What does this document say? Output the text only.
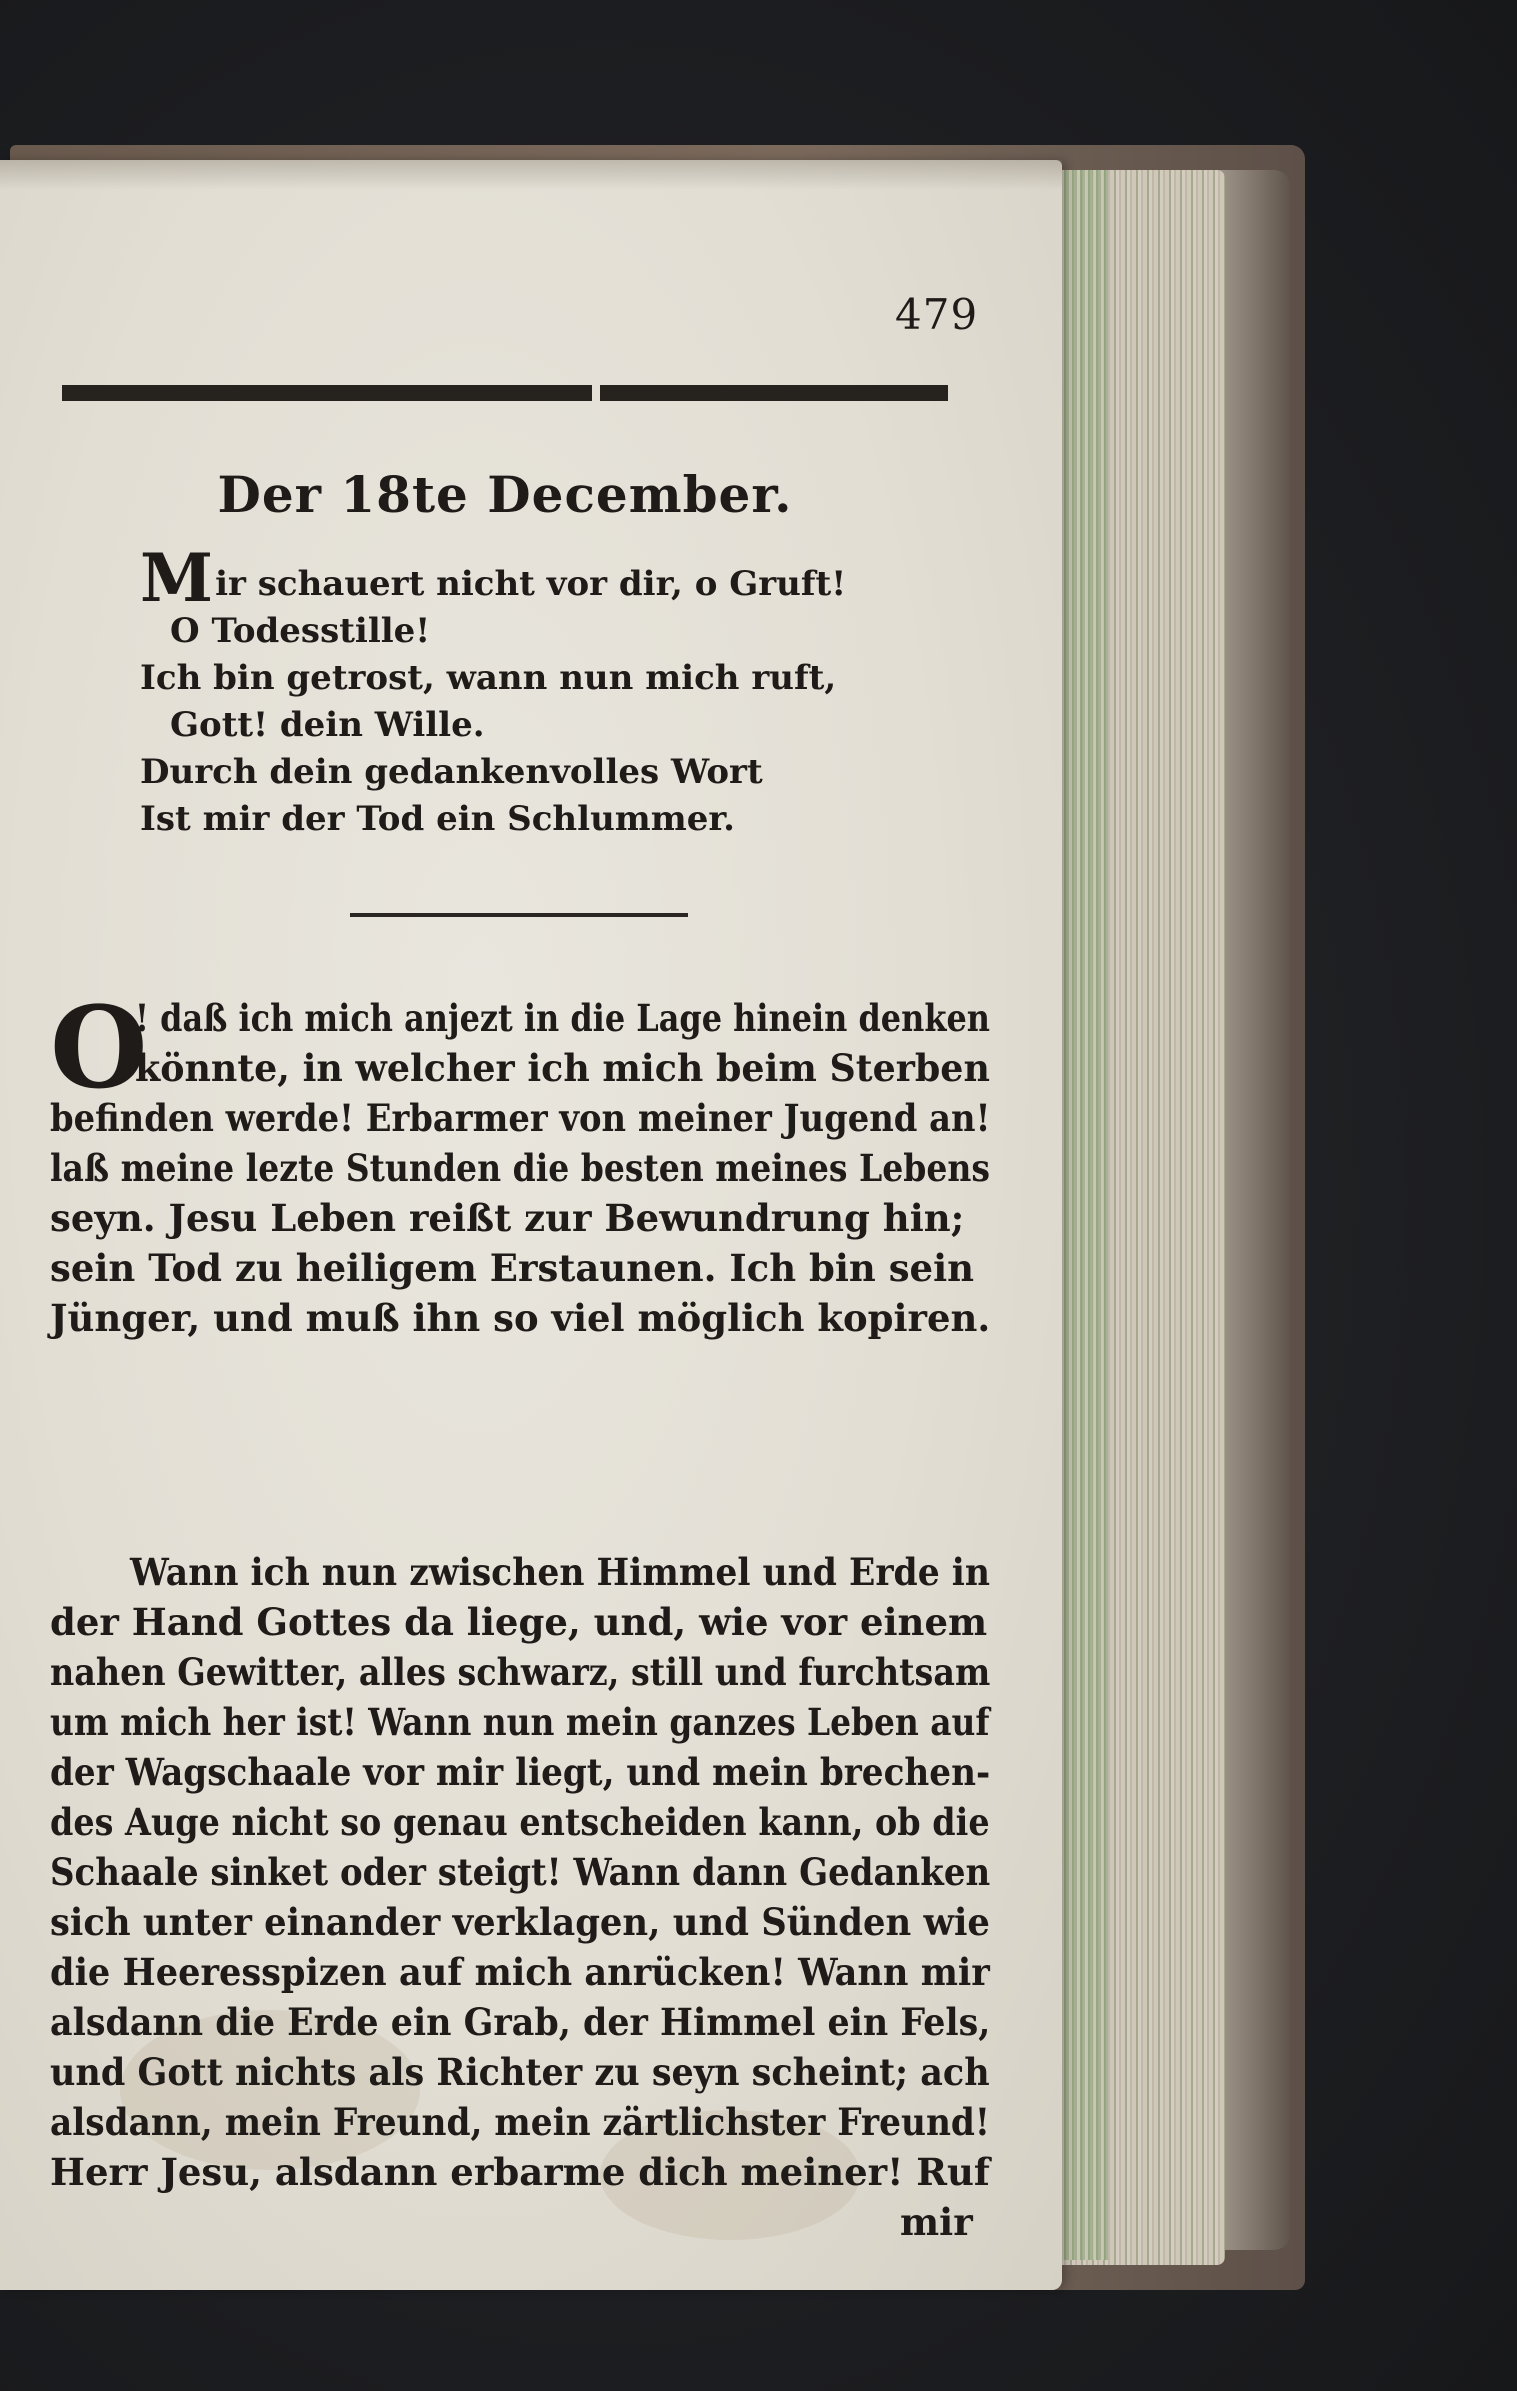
479
Der 18te December.
Mir schauert nicht vor dir, o Gruft!
O Todesstille!
Ich bin getrost, wann nun mich ruft,
Gott! dein Wille.
Durch dein gedankenvolles Wort
Ist mir der Tod ein Schlummer.
O
! daß ich mich anjezt in die Lage hinein denken
könnte, in welcher ich mich beim Sterben
befinden werde! Erbarmer von meiner Jugend an!
laß meine lezte Stunden die besten meines Lebens
seyn. Jesu Leben reißt zur Bewundrung hin;
sein Tod zu heiligem Erstaunen. Ich bin sein
Jünger, und muß ihn so viel möglich kopiren.
Wann ich nun zwischen Himmel und Erde in
der Hand Gottes da liege, und, wie vor einem
nahen Gewitter, alles schwarz, still und furchtsam
um mich her ist! Wann nun mein ganzes Leben auf
der Wagschaale vor mir liegt, und mein brechen-
des Auge nicht so genau entscheiden kann, ob die
Schaale sinket oder steigt! Wann dann Gedanken
sich unter einander verklagen, und Sünden wie
die Heeresspizen auf mich anrücken! Wann mir
alsdann die Erde ein Grab, der Himmel ein Fels,
und Gott nichts als Richter zu seyn scheint; ach
alsdann, mein Freund, mein zärtlichster Freund!
Herr Jesu, alsdann erbarme dich meiner! Ruf
mir
